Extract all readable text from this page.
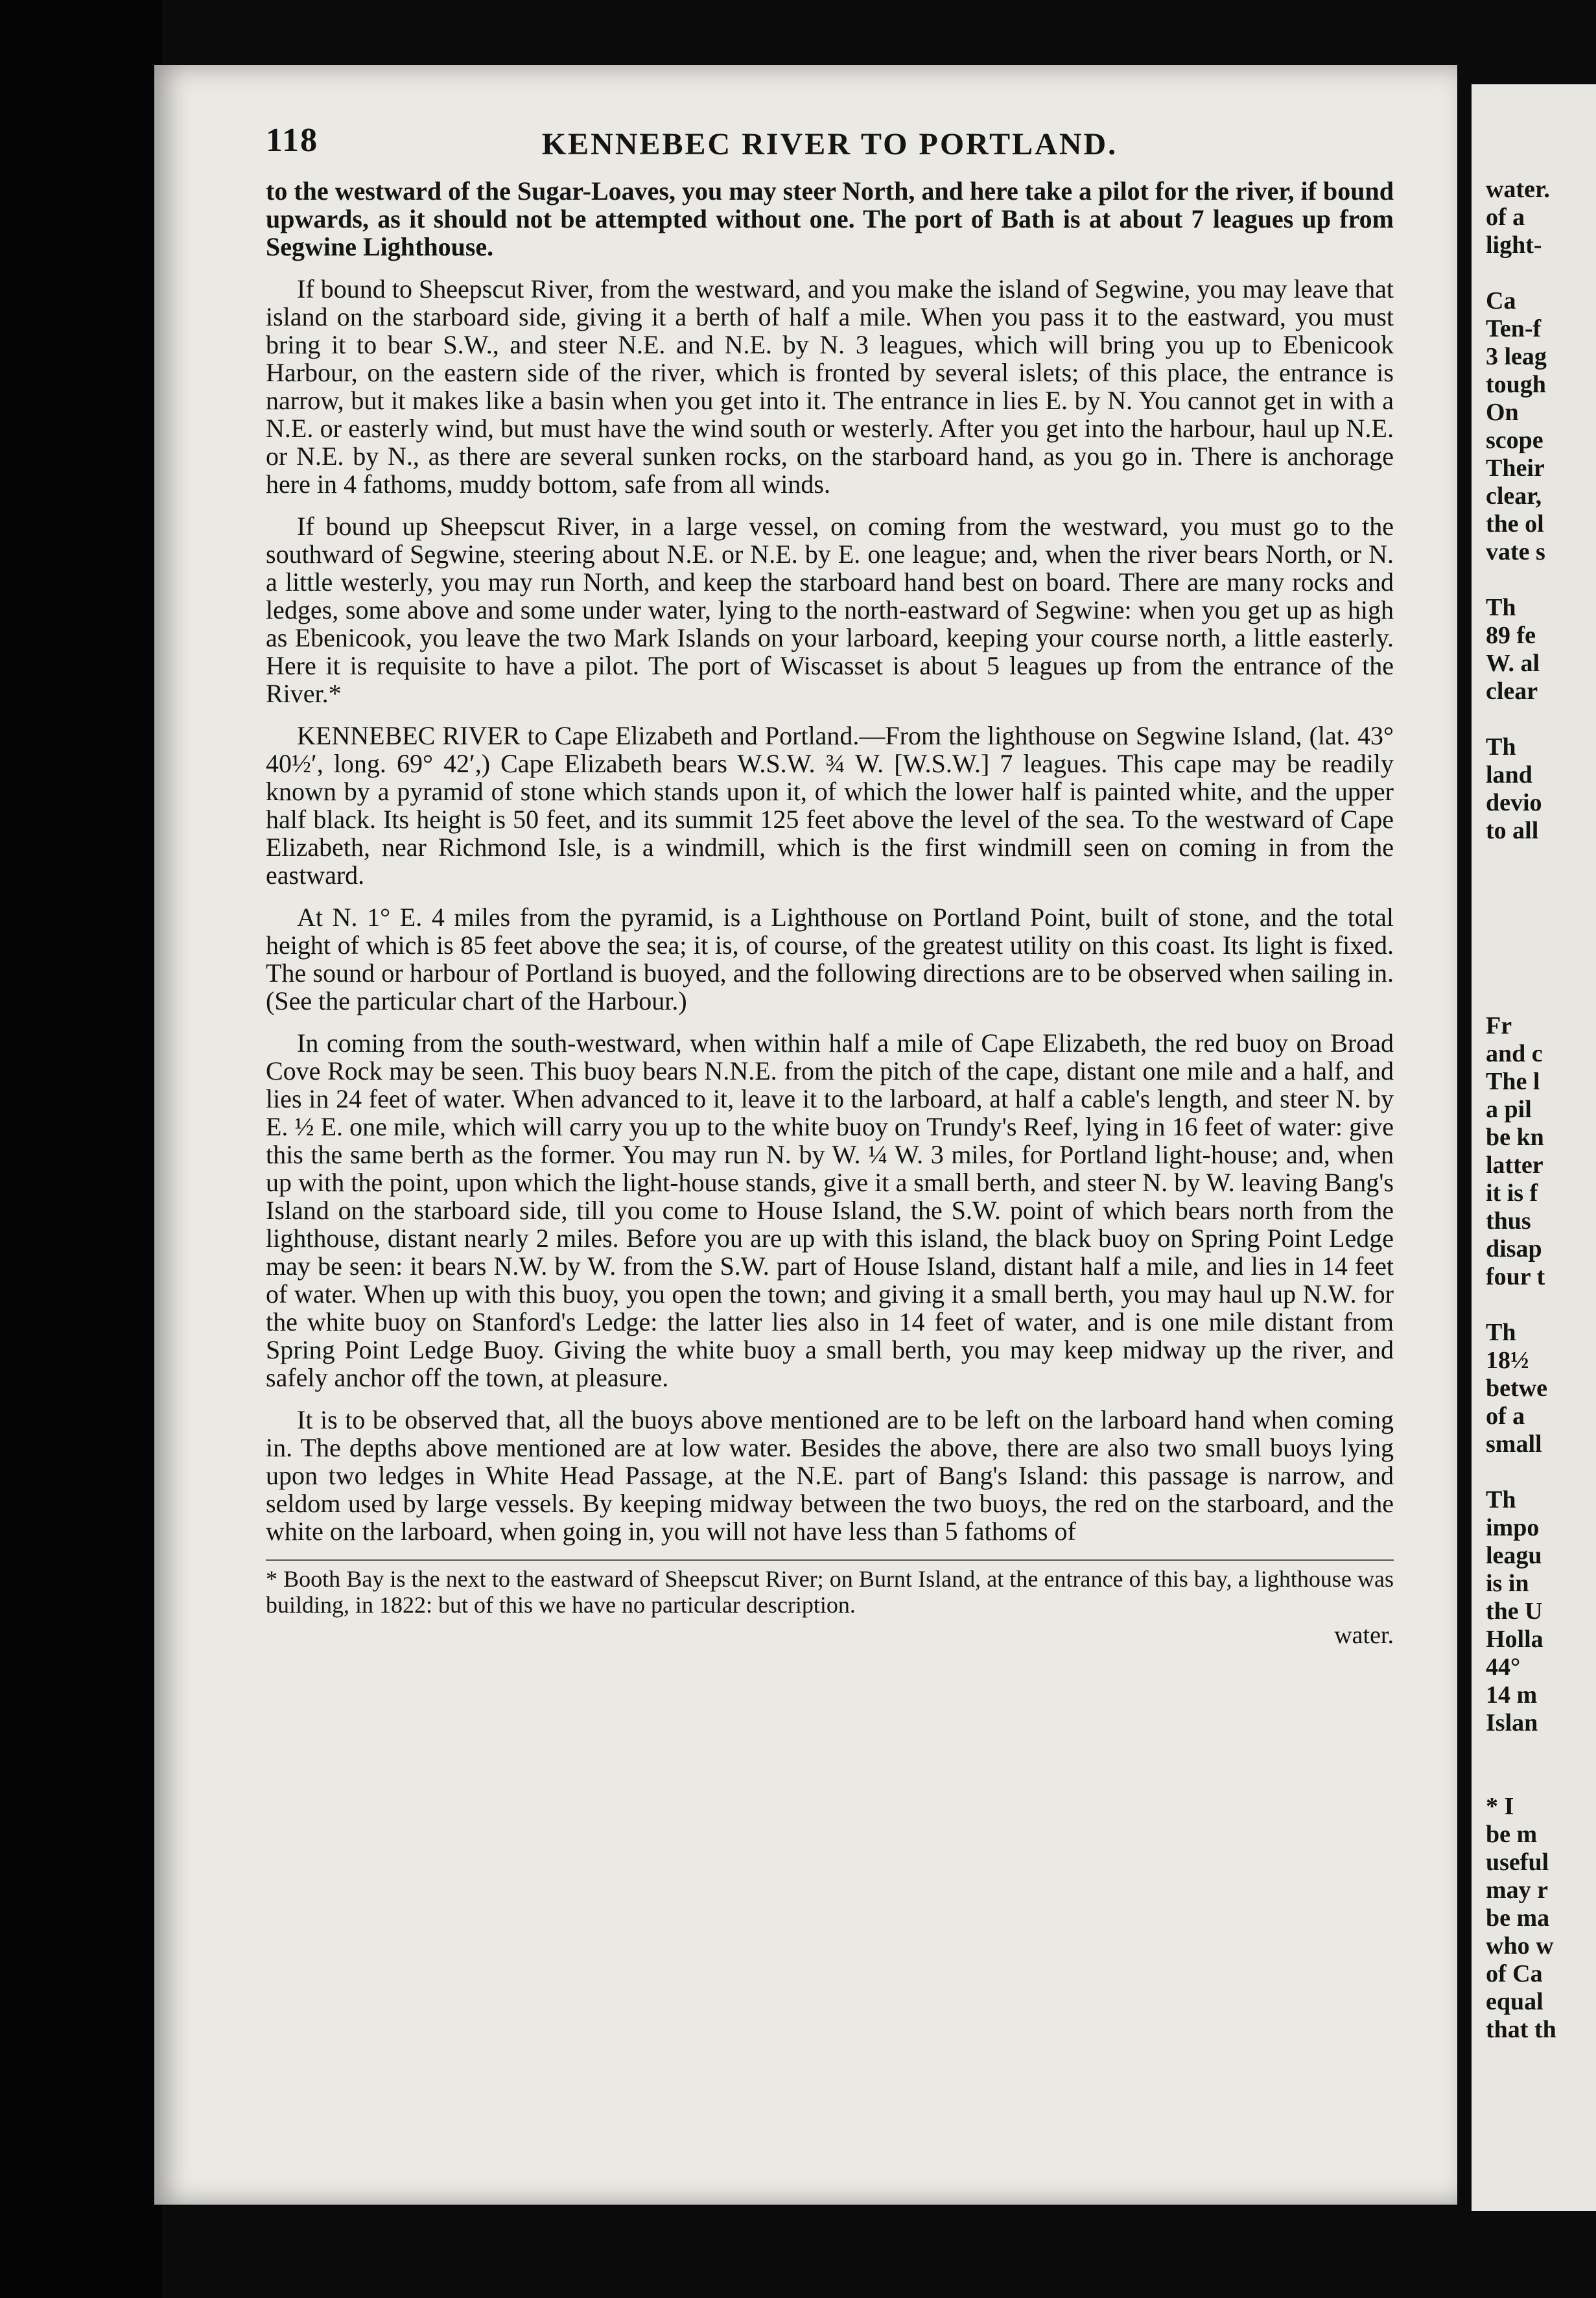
water.
of a
light-
Ca
Ten-f
3 leag
tough
On
scope
Their
clear,
the ol
vate s
Th
89 fe
W. al
clear
Th
land
devio
to all
Fr
and c
The l
a pil
be kn
latter
it is f
thus
disap
four t
Th
18½
betwe
of a
small
Th
impo
leagu
is in
the U
Holla
44°
14 m
Islan
* I
be m
useful
may r
be ma
who w
of Ca
equal
that th
118	KENNEBEC RIVER TO PORTLAND.

to the westward of the Sugar-Loaves, you may steer North, and here take a pilot for the river, if bound upwards, as it should not be attempted without one. The port of Bath is at about 7 leagues up from Segwine Lighthouse.

If bound to Sheepscut River, from the westward, and you make the island of Segwine, you may leave that island on the starboard side, giving it a berth of half a mile. When you pass it to the eastward, you must bring it to bear S.W., and steer N.E. and N.E. by N. 3 leagues, which will bring you up to Ebenicook Harbour, on the eastern side of the river, which is fronted by several islets; of this place, the entrance is narrow, but it makes like a basin when you get into it. The entrance in lies E. by N. You cannot get in with a N.E. or easterly wind, but must have the wind south or westerly. After you get into the harbour, haul up N.E. or N.E. by N., as there are several sunken rocks, on the starboard hand, as you go in. There is anchorage here in 4 fathoms, muddy bottom, safe from all winds.

If bound up Sheepscut River, in a large vessel, on coming from the westward, you must go to the southward of Segwine, steering about N.E. or N.E. by E. one league; and, when the river bears North, or N. a little westerly, you may run North, and keep the starboard hand best on board. There are many rocks and ledges, some above and some under water, lying to the north-eastward of Segwine: when you get up as high as Ebenicook, you leave the two Mark Islands on your larboard, keeping your course north, a little easterly. Here it is requisite to have a pilot. The port of Wiscasset is about 5 leagues up from the entrance of the River.*

KENNEBEC RIVER to Cape Elizabeth and Portland.—From the lighthouse on Segwine Island, (lat. 43° 40½′, long. 69° 42′,) Cape Elizabeth bears W.S.W. ¾ W. [W.S.W.] 7 leagues. This cape may be readily known by a pyramid of stone which stands upon it, of which the lower half is painted white, and the upper half black. Its height is 50 feet, and its summit 125 feet above the level of the sea. To the westward of Cape Elizabeth, near Richmond Isle, is a windmill, which is the first windmill seen on coming in from the eastward.

At N. 1° E. 4 miles from the pyramid, is a Lighthouse on Portland Point, built of stone, and the total height of which is 85 feet above the sea; it is, of course, of the greatest utility on this coast. Its light is fixed. The sound or harbour of Portland is buoyed, and the following directions are to be observed when sailing in. (See the particular chart of the Harbour.)

In coming from the south-westward, when within half a mile of Cape Elizabeth, the red buoy on Broad Cove Rock may be seen. This buoy bears N.N.E. from the pitch of the cape, distant one mile and a half, and lies in 24 feet of water. When advanced to it, leave it to the larboard, at half a cable's length, and steer N. by E. ½ E. one mile, which will carry you up to the white buoy on Trundy's Reef, lying in 16 feet of water: give this the same berth as the former. You may run N. by W. ¼ W. 3 miles, for Portland light-house; and, when up with the point, upon which the light-house stands, give it a small berth, and steer N. by W. leaving Bang's Island on the starboard side, till you come to House Island, the S.W. point of which bears north from the lighthouse, distant nearly 2 miles. Before you are up with this island, the black buoy on Spring Point Ledge may be seen: it bears N.W. by W. from the S.W. part of House Island, distant half a mile, and lies in 14 feet of water. When up with this buoy, you open the town; and giving it a small berth, you may haul up N.W. for the white buoy on Stanford's Ledge: the latter lies also in 14 feet of water, and is one mile distant from Spring Point Ledge Buoy. Giving the white buoy a small berth, you may keep midway up the river, and safely anchor off the town, at pleasure.

It is to be observed that, all the buoys above mentioned are to be left on the larboard hand when coming in. The depths above mentioned are at low water. Besides the above, there are also two small buoys lying upon two ledges in White Head Passage, at the N.E. part of Bang's Island: this passage is narrow, and seldom used by large vessels. By keeping midway between the two buoys, the red on the starboard, and the white on the larboard, when going in, you will not have less than 5 fathoms of

* Booth Bay is the next to the eastward of Sheepscut River; on Burnt Island, at the entrance of this bay, a lighthouse was building, in 1822: but of this we have no particular description.

water.
